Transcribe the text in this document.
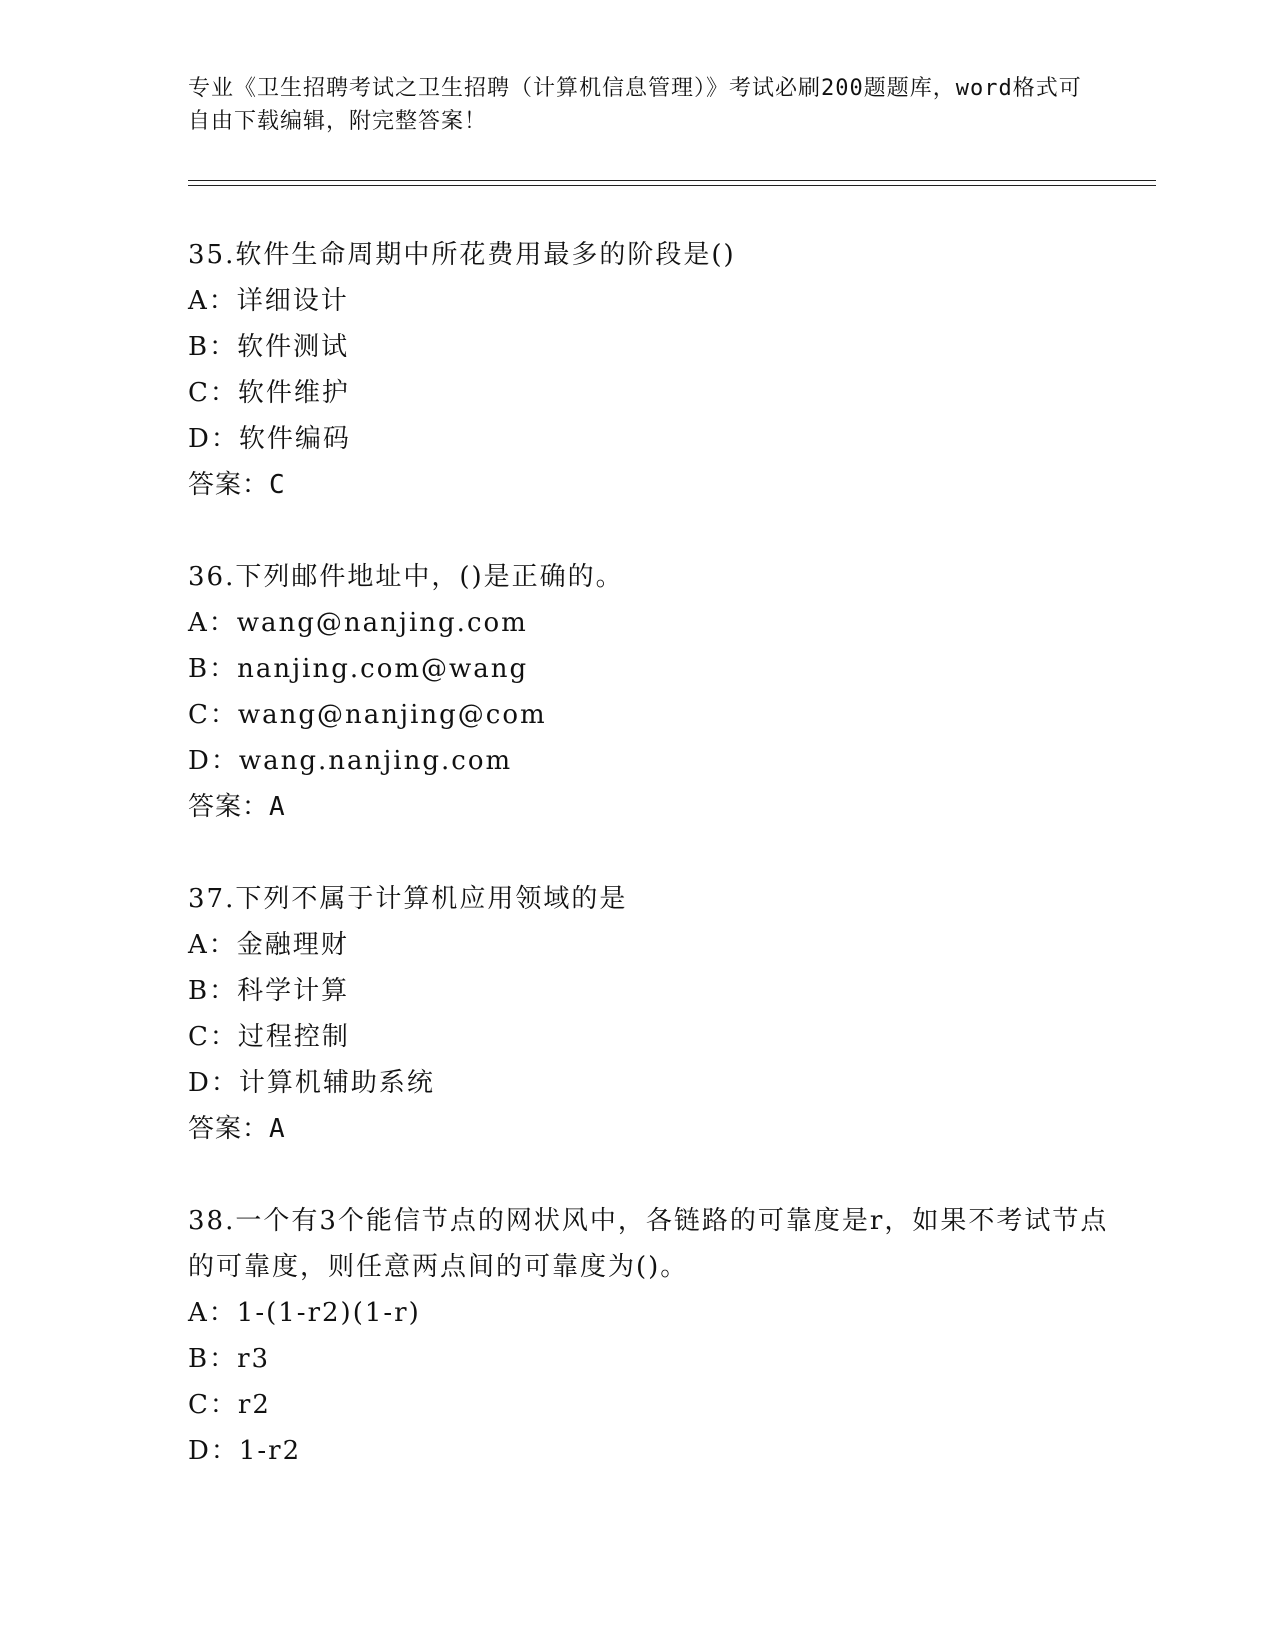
专业《卫生招聘考试之卫生招聘（计算机信息管理）》考试必刷200题题库，word格式可自由下载编辑，附完整答案！
35.软件生命周期中所花费用最多的阶段是()
A：详细设计
B：软件测试
C：软件维护
D：软件编码
答案：C
36.下列邮件地址中，()是正确的。
A：wang@nanjing.com
B：nanjing.com@wang
C：wang@nanjing@com
D：wang.nanjing.com
答案：A
37.下列不属于计算机应用领域的是
A：金融理财
B：科学计算
C：过程控制
D：计算机辅助系统
答案：A
38.一个有3个能信节点的网状风中，各链路的可靠度是r，如果不考试节点的可靠度，则任意两点间的可靠度为()。
A：1-(1-r2)(1-r)
B：r3
C：r2
D：1-r2
